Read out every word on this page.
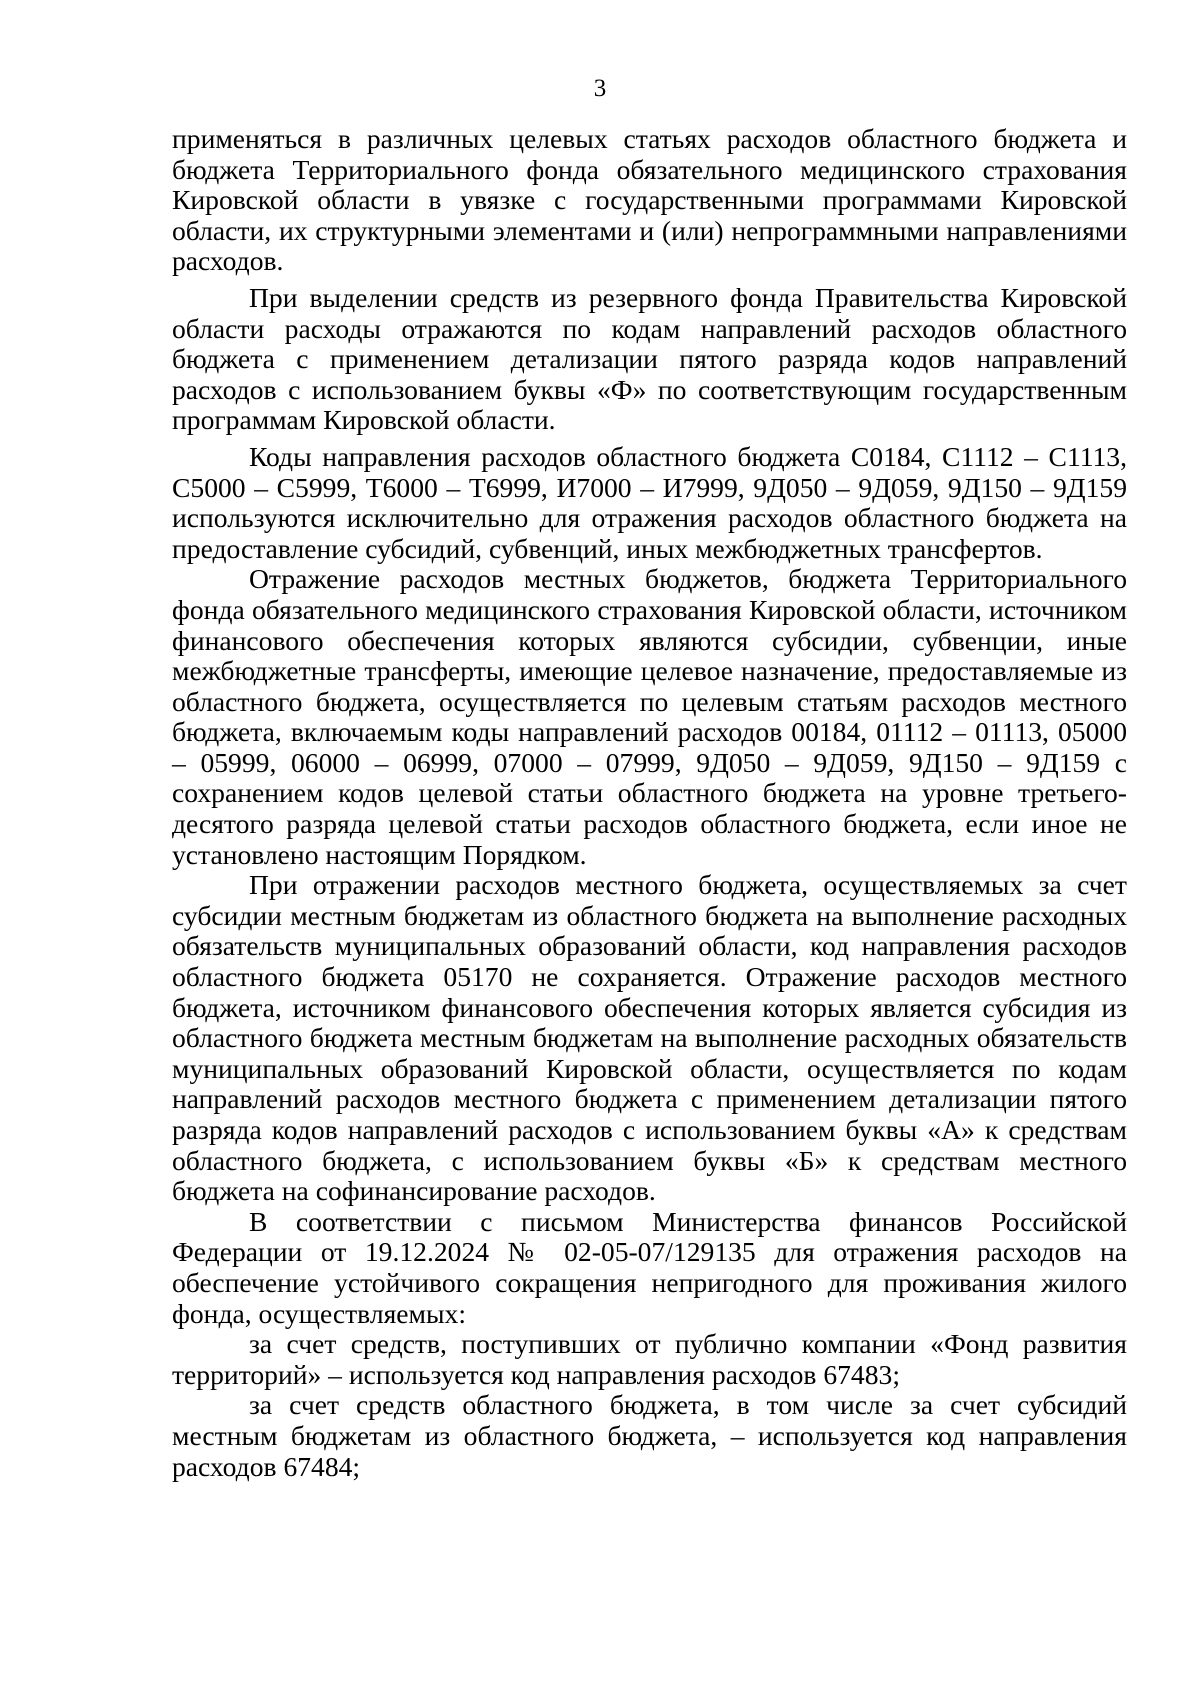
3

применяться в различных целевых статьях расходов областного бюджета и бюджета Территориального фонда обязательного медицинского страхования Кировской области в увязке с государственными программами Кировской области, их структурными элементами и (или) непрограммными направлениями расходов.

При выделении средств из резервного фонда Правительства Кировской области расходы отражаются по кодам направлений расходов областного бюджета с применением детализации пятого разряда кодов направлений расходов с использованием буквы «Ф» по соответствующим государственным программам Кировской области.

Коды направления расходов областного бюджета С0184, С1112 – С1113, С5000 – С5999, Т6000 – Т6999, И7000 – И7999, 9Д050 – 9Д059, 9Д150 – 9Д159 используются исключительно для отражения расходов областного бюджета на предоставление субсидий, субвенций, иных межбюджетных трансфертов.

Отражение расходов местных бюджетов, бюджета Территориального фонда обязательного медицинского страхования Кировской области, источником финансового обеспечения которых являются субсидии, субвенции, иные межбюджетные трансферты, имеющие целевое назначение, предоставляемые из областного бюджета, осуществляется по целевым статьям расходов местного бюджета, включаемым коды направлений расходов 00184, 01112 – 01113, 05000 – 05999, 06000 – 06999, 07000 – 07999, 9Д050 – 9Д059, 9Д150 – 9Д159 с сохранением кодов целевой статьи областного бюджета на уровне третьего-десятого разряда целевой статьи расходов областного бюджета, если иное не установлено настоящим Порядком.

При отражении расходов местного бюджета, осуществляемых за счет субсидии местным бюджетам из областного бюджета на выполнение расходных обязательств муниципальных образований области, код направления расходов областного бюджета 05170 не сохраняется. Отражение расходов местного бюджета, источником финансового обеспечения которых является субсидия из областного бюджета местным бюджетам на выполнение расходных обязательств муниципальных образований Кировской области, осуществляется по кодам направлений расходов местного бюджета с применением детализации пятого разряда кодов направлений расходов с использованием буквы «А» к средствам областного бюджета, с использованием буквы «Б» к средствам местного бюджета на софинансирование расходов.

В соответствии с письмом Министерства финансов Российской Федерации от 19.12.2024 № 02-05-07/129135 для отражения расходов на обеспечение устойчивого сокращения непригодного для проживания жилого фонда, осуществляемых:

за счет средств, поступивших от публично компании «Фонд развития территорий» – используется код направления расходов 67483;

за счет средств областного бюджета, в том числе за счет субсидий местным бюджетам из областного бюджета, – используется код направления расходов 67484;
